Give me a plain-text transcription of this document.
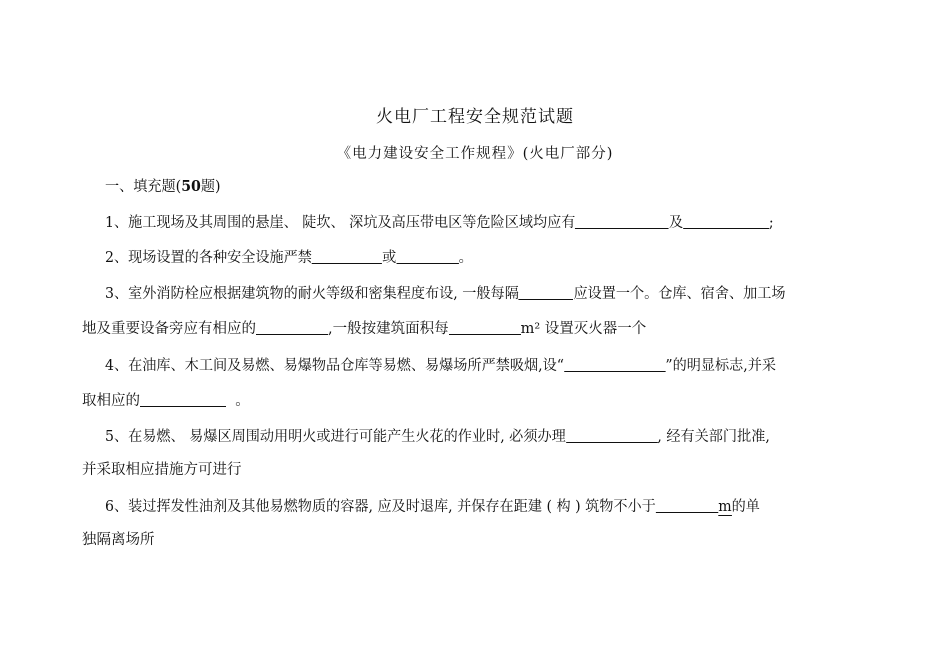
火电厂工程安全规范试题
《电力建设安全工作规程》(火电厂部分)
一、填充题(50题)
1、施工现场及其周围的悬崖、 陡坎、 深坑及高压带电区等危险区域均应有	及	;
2、现场设置的各种安全设施严禁	或	。
3、室外消防栓应根据建筑物的耐火等级和密集程度布设, 一般每隔	应设置一个。仓库、宿舍、加工场
地及重要设备旁应有相应的	,一般按建筑面积每	m² 设置灭火器一个
4、在油库、木工间及易燃、易爆物品仓库等易燃、易爆场所严禁吸烟,设“	”的明显标志,并采
取相应的	。
5、在易燃、 易爆区周围动用明火或进行可能产生火花的作业时, 必须办理	, 经有关部门批准,
并采取相应措施方可进行
6、装过挥发性油剂及其他易燃物质的容器, 应及时退库, 并保存在距建 ( 构 ) 筑物不小于	m的单
独隔离场所
